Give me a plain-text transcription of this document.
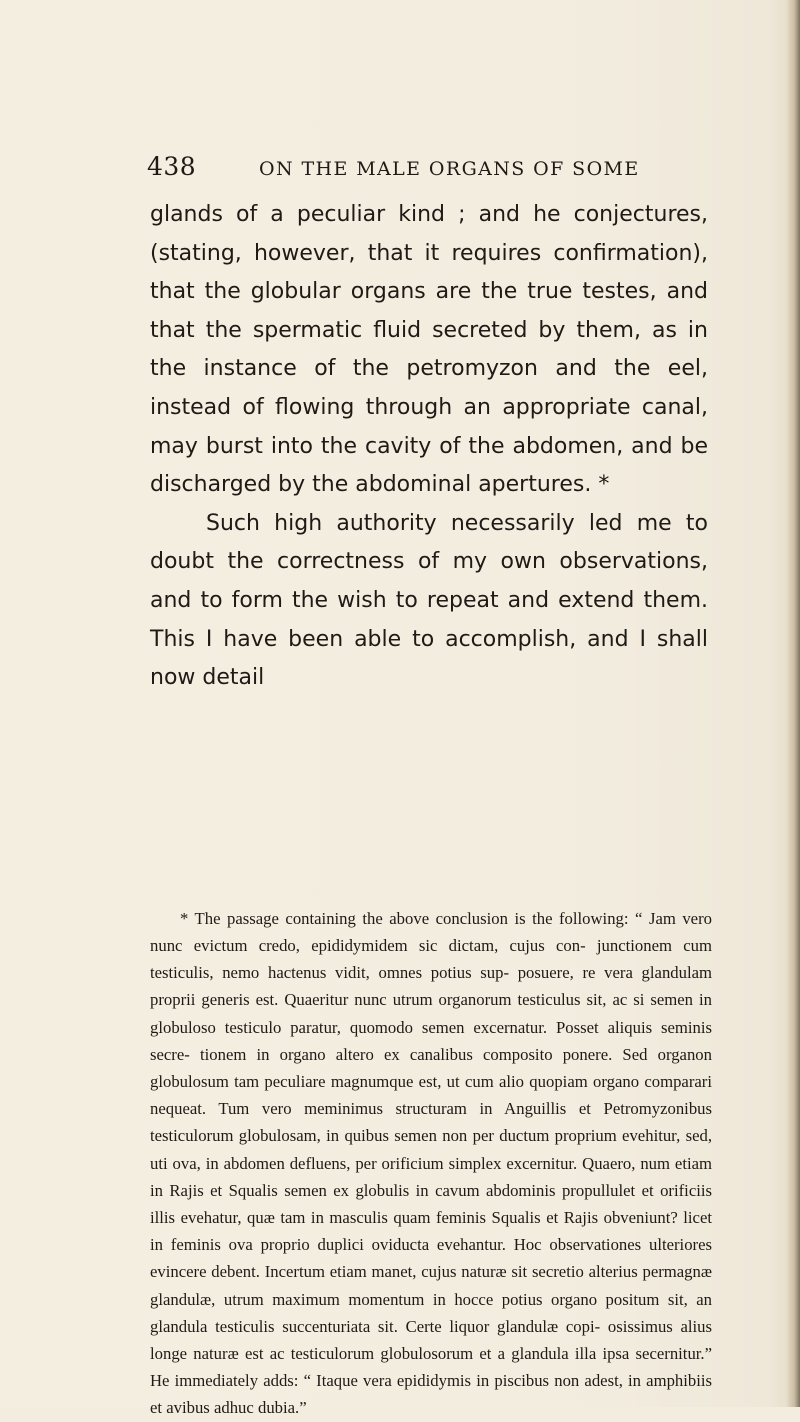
438	ON THE MALE ORGANS OF SOME

glands of a peculiar kind ; and he conjectures, (stating, however, that it requires confirmation), that the globular organs are the true testes, and that the spermatic fluid secreted by them, as in the instance of the petromyzon and the eel, instead of flowing through an appropriate canal, may burst into the cavity of the abdomen, and be discharged by the abdominal apertures. *

Such high authority necessarily led me to doubt the correctness of my own observations, and to form the wish to repeat and extend them. This I have been able to accomplish, and I shall now detail

* The passage containing the above conclusion is the following: “ Jam vero nunc evictum credo, epididymidem sic dictam, cujus con- junctionem cum testiculis, nemo hactenus vidit, omnes potius sup- posuere, re vera glandulam proprii generis est. Quaeritur nunc utrum organorum testiculus sit, ac si semen in globuloso testiculo paratur, quomodo semen excernatur. Posset aliquis seminis secre- tionem in organo altero ex canalibus composito ponere. Sed organon globulosum tam peculiare magnumque est, ut cum alio quopiam organo comparari nequeat. Tum vero meminimus structuram in Anguillis et Petromyzonibus testiculorum globulosam, in quibus semen non per ductum proprium evehitur, sed, uti ova, in abdomen defluens, per orificium simplex excernitur. Quaero, num etiam in Rajis et Squalis semen ex globulis in cavum abdominis propullulet et orificiis illis evehatur, quæ tam in masculis quam feminis Squalis et Rajis obveniunt? licet in feminis ova proprio duplici oviducta evehantur. Hoc observationes ulteriores evincere debent. Incertum etiam manet, cujus naturæ sit secretio alterius permagnæ glandulæ, utrum maximum momentum in hocce potius organo positum sit, an glandula testiculis succenturiata sit. Certe liquor glandulæ copi- osissimus alius longe naturæ est ac testiculorum globulosorum et a glandula illa ipsa secernitur.” He immediately adds: “ Itaque vera epididymis in piscibus non adest, in amphibiis et avibus adhuc dubia.”
